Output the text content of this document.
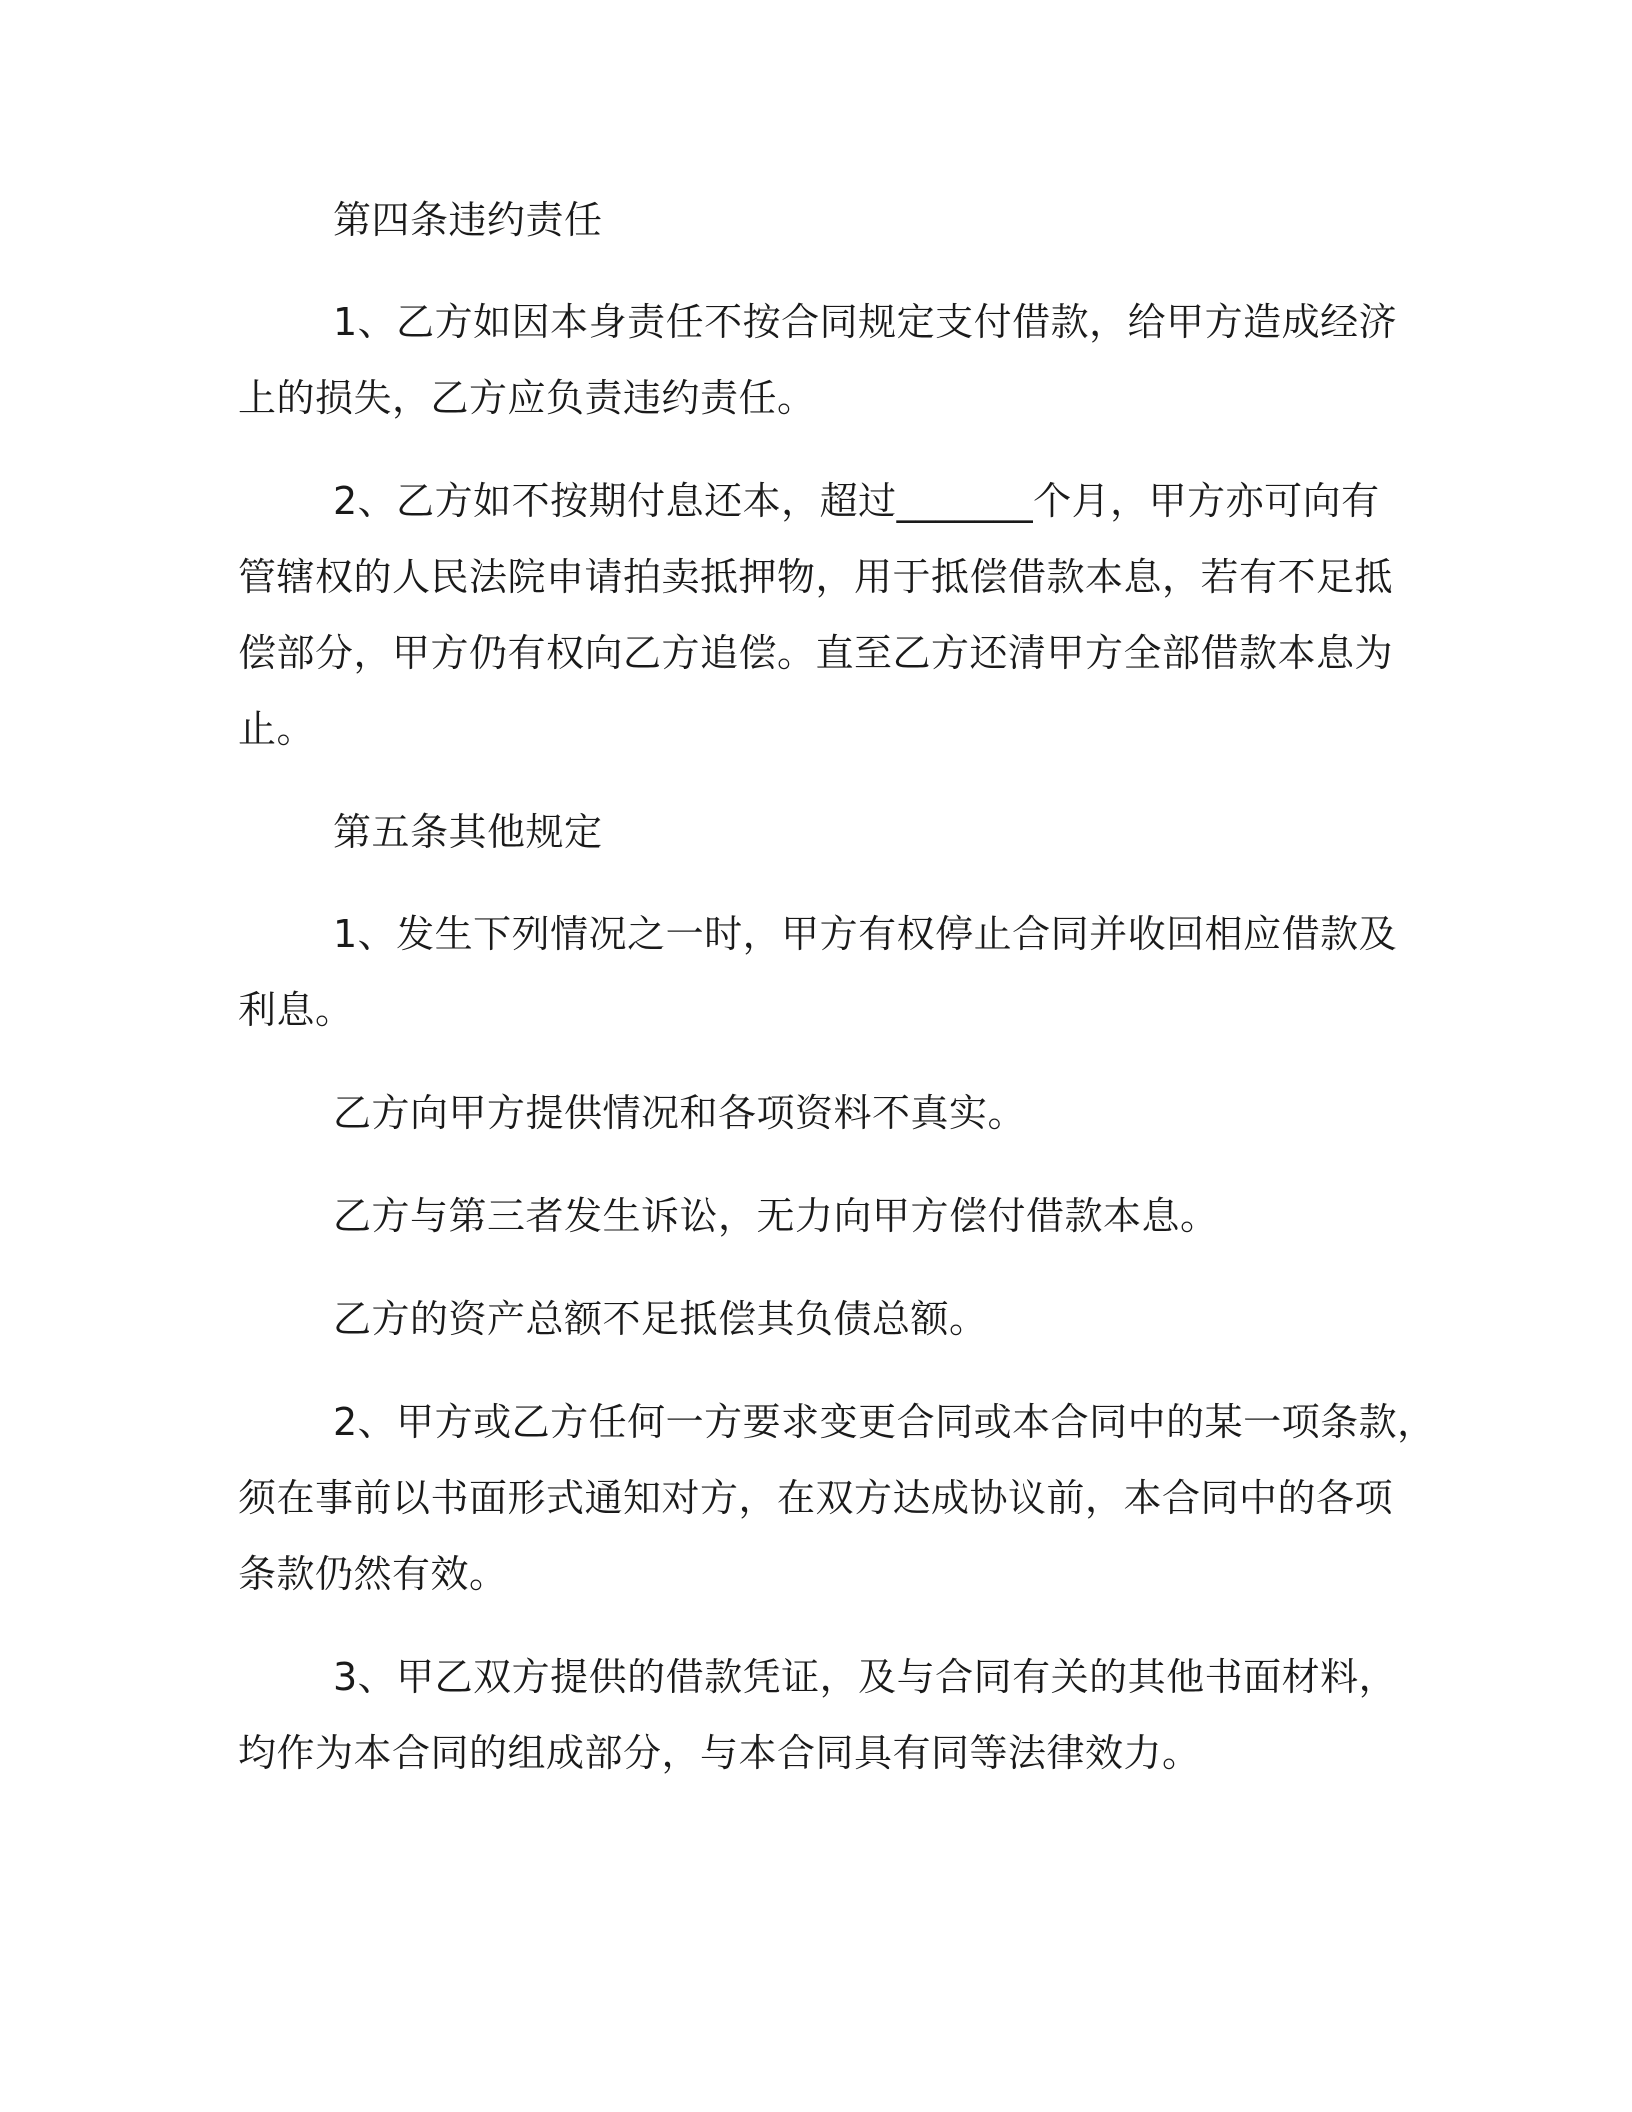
第四条违约责任
1、乙方如因本身责任不按合同规定支付借款，给甲方造成经济
上的损失，乙方应负责违约责任。
2、乙方如不按期付息还本，超过_______个月，甲方亦可向有
管辖权的人民法院申请拍卖抵押物，用于抵偿借款本息，若有不足抵
偿部分，甲方仍有权向乙方追偿。直至乙方还清甲方全部借款本息为
止。
第五条其他规定
1、发生下列情况之一时，甲方有权停止合同并收回相应借款及
利息。
乙方向甲方提供情况和各项资料不真实。
乙方与第三者发生诉讼，无力向甲方偿付借款本息。
乙方的资产总额不足抵偿其负债总额。
2、甲方或乙方任何一方要求变更合同或本合同中的某一项条款，
须在事前以书面形式通知对方，在双方达成协议前，本合同中的各项
条款仍然有效。
3、甲乙双方提供的借款凭证，及与合同有关的其他书面材料，
均作为本合同的组成部分，与本合同具有同等法律效力。
